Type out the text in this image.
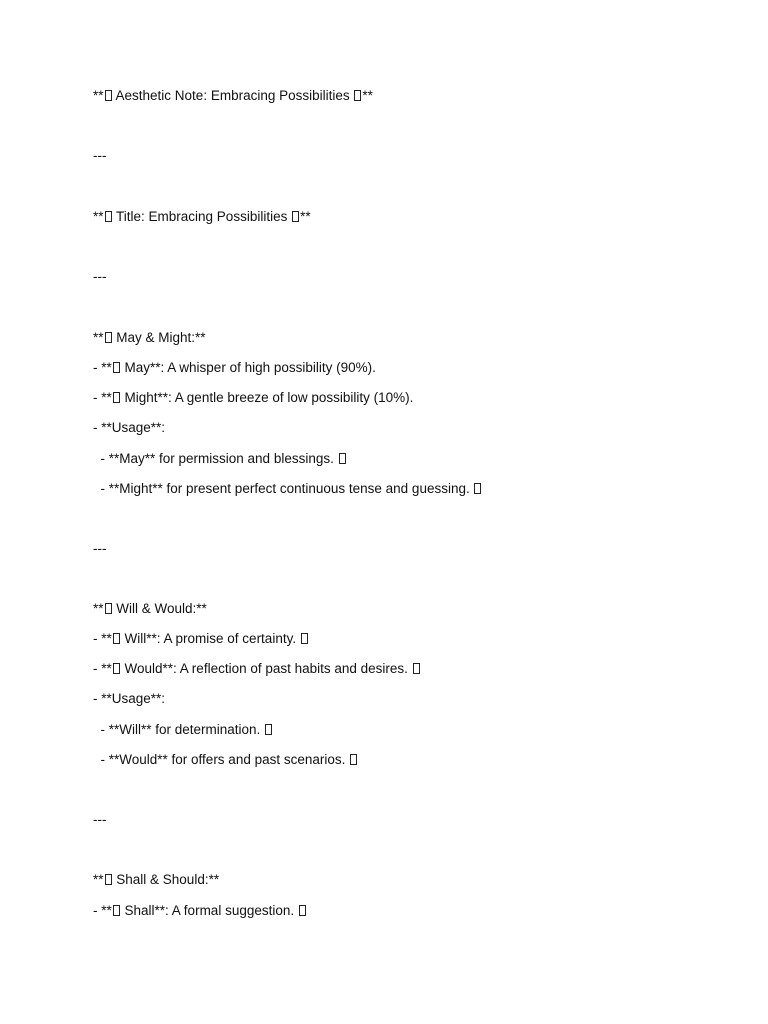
** Aesthetic Note: Embracing Possibilities **
---
** Title: Embracing Possibilities **
---
** May & Might:**
- ** May**: A whisper of high possibility (90%).
- ** Might**: A gentle breeze of low possibility (10%).
- **Usage**:
- **May** for permission and blessings.
- **Might** for present perfect continuous tense and guessing.
---
** Will & Would:**
- ** Will**: A promise of certainty.
- ** Would**: A reflection of past habits and desires.
- **Usage**:
- **Will** for determination.
- **Would** for offers and past scenarios.
---
** Shall & Should:**
- ** Shall**: A formal suggestion.
